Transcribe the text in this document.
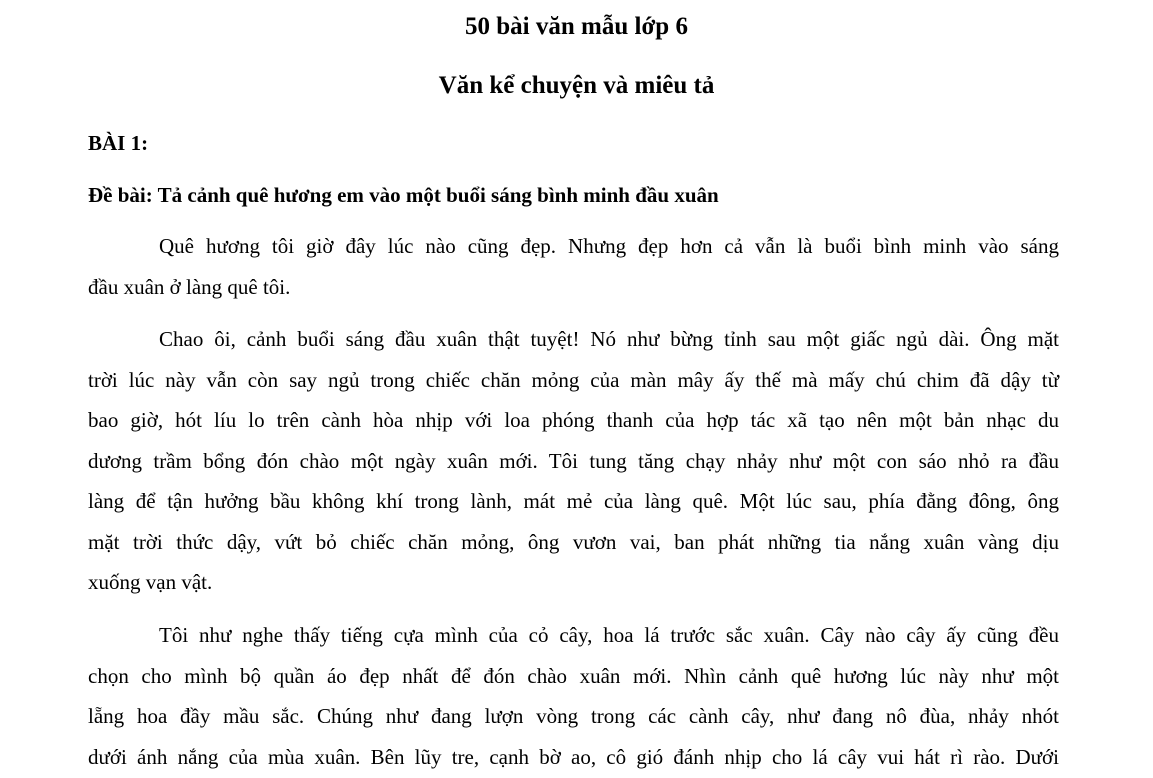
50 bài văn mẫu lớp 6
Văn kể chuyện và miêu tả
BÀI 1:
Đề bài: Tả cảnh quê hương em vào một buổi sáng bình minh đầu xuân

Quê hương tôi giờ đây lúc nào cũng đẹp. Nhưng đẹp hơn cả vẫn là buổi bình minh vào sáng
đầu xuân ở làng quê tôi.

Chao ôi, cảnh buổi sáng đầu xuân thật tuyệt! Nó như bừng tỉnh sau một giấc ngủ dài. Ông mặt
trời lúc này vẫn còn say ngủ trong chiếc chăn mỏng của màn mây ấy thế mà mấy chú chim đã dậy từ
bao giờ, hót líu lo trên cành hòa nhịp với loa phóng thanh của hợp tác xã tạo nên một bản nhạc du
dương trầm bổng đón chào một ngày xuân mới. Tôi tung tăng chạy nhảy như một con sáo nhỏ ra đầu
làng để tận hưởng bầu không khí trong lành, mát mẻ của làng quê. Một lúc sau, phía đằng đông, ông
mặt trời thức dậy, vứt bỏ chiếc chăn mỏng, ông vươn vai, ban phát những tia nắng xuân vàng dịu
xuống vạn vật.

Tôi như nghe thấy tiếng cựa mình của cỏ cây, hoa lá trước sắc xuân. Cây nào cây ấy cũng đều
chọn cho mình bộ quần áo đẹp nhất để đón chào xuân mới. Nhìn cảnh quê hương lúc này như một
lẵng hoa đầy mầu sắc. Chúng như đang lượn vòng trong các cành cây, như đang nô đùa, nhảy nhót
dưới ánh nắng của mùa xuân. Bên lũy tre, cạnh bờ ao, cô gió đánh nhịp cho lá cây vui hát rì rào. Dưới
